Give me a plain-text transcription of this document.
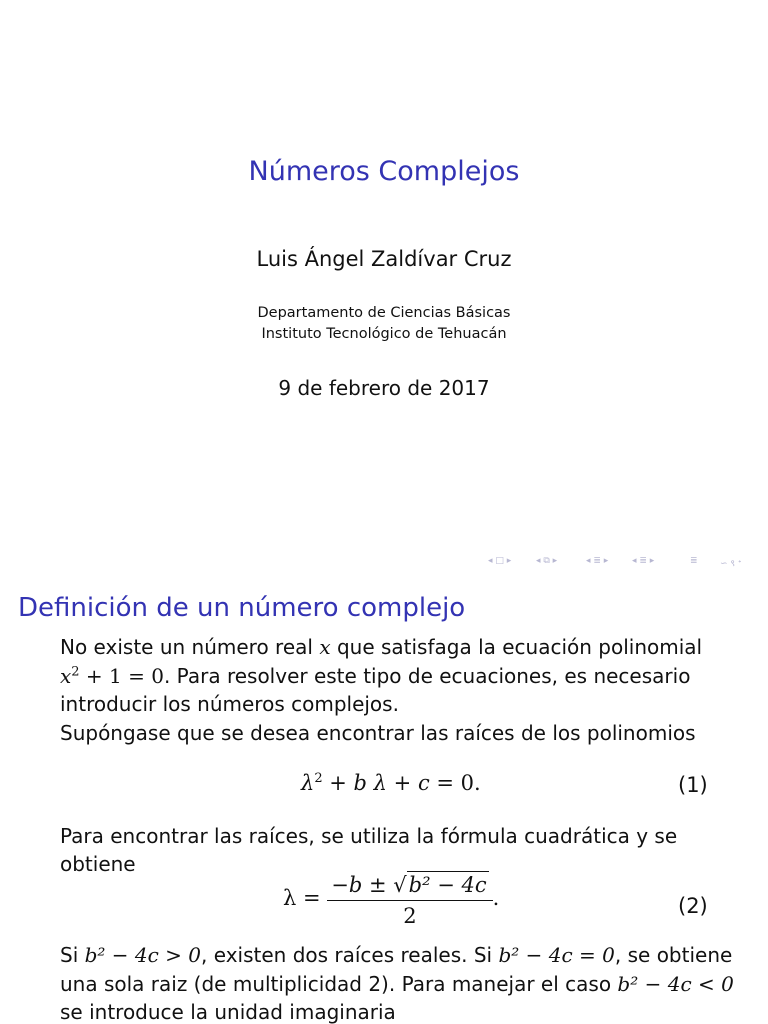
Números Complejos
Luis Ángel Zaldívar Cruz
Departamento de Ciencias Básicas
Instituto Tecnológico de Tehuacán
9 de febrero de 2017
◂ □ ▸	◂ ⧉ ▸	◂ ≣ ▸	◂ ≣ ▸	≣ ∽ ९ ᐩ
Definición de un número complejo
No existe un número real x que satisfaga la ecuación polinomial
$x^2 + 1 = 0$. Para resolver este tipo de ecuaciones, es necesario
introducir los números complejos.
Supóngase que se desea encontrar las raíces de los polinomios
$\lambda^2 + b$ λ + c = 0.	(1)
Para encontrar las raíces, se utiliza la fórmula cuadrática y se
obtiene
$\lambda = \frac{\text{−b ± √b² − 4c}}{2}$ .	(2)
Si b² − 4c > 0, existen dos raíces reales. Si b² − 4c = 0, se obtiene
una sola raiz (de multiplicidad 2). Para manejar el caso b² − 4c < 0
se introduce la unidad imaginaria
